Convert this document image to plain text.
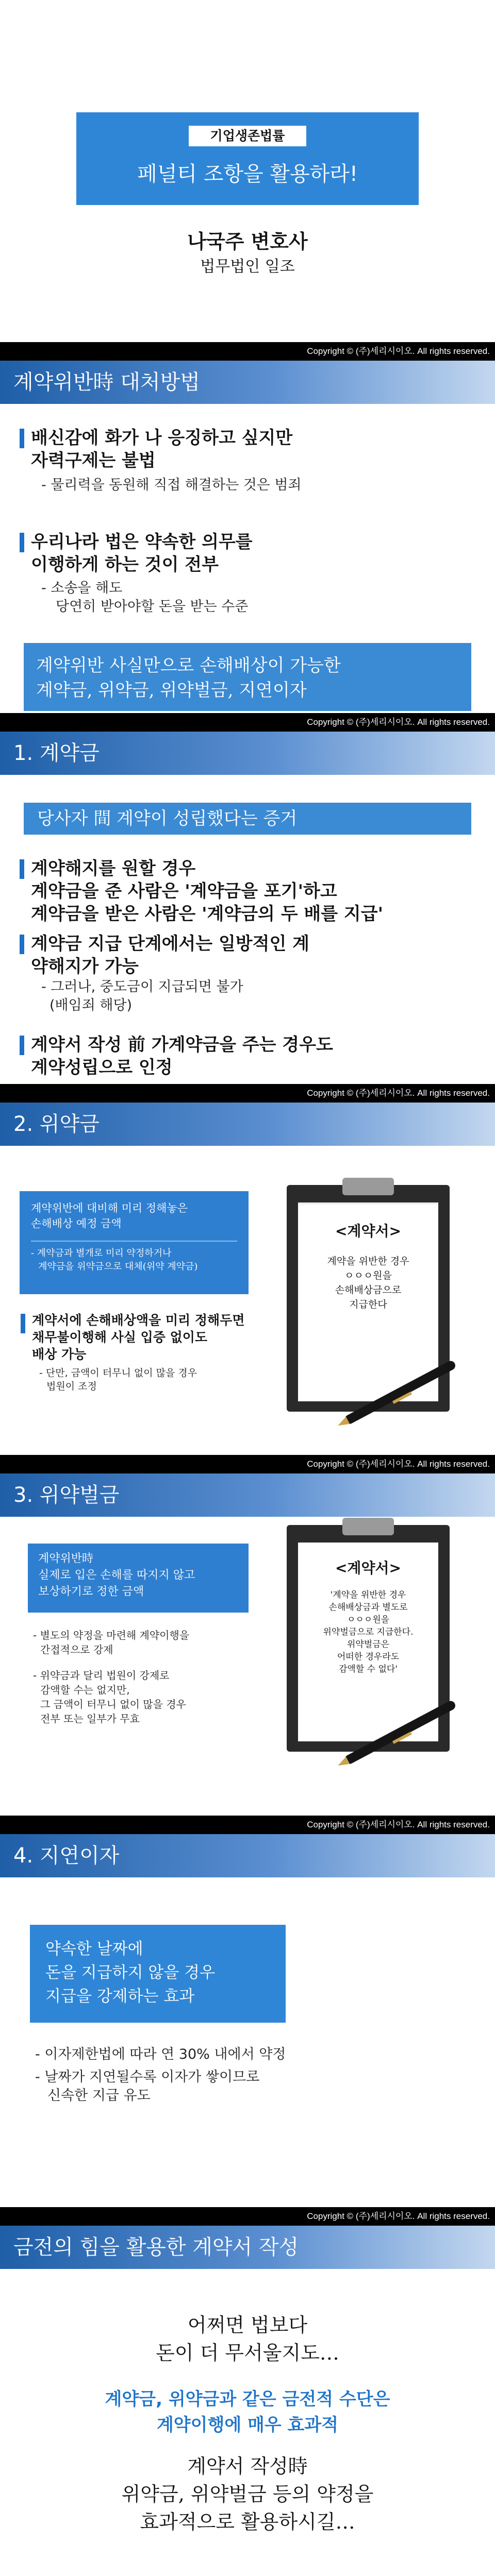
기업생존법률
페널티 조항을 활용하라!
나국주 변호사
법무법인 일조
Copyright © (주)세리시이오. All rights reserved.
계약위반時 대처방법
배신감에 화가 나 응징하고 싶지만
자력구제는 불법
- 물리력을 동원해 직접 해결하는 것은 범죄
우리나라 법은 약속한 의무를
이행하게 하는 것이 전부
- 소송을 해도
당연히 받아야할 돈을 받는 수준
계약위반 사실만으로 손해배상이 가능한
계약금, 위약금, 위약벌금, 지연이자
Copyright © (주)세리시이오. All rights reserved.
1. 계약금
당사자 間 계약이 성립했다는 증거
계약해지를 원할 경우
계약금을 준 사람은 '계약금을 포기'하고
계약금을 받은 사람은 '계약금의 두 배를 지급'
계약금 지급 단계에서는 일방적인 계
약해지가 가능
- 그러나, 중도금이 지급되면 불가
(배임죄 해당)
계약서 작성 前 가계약금을 주는 경우도
계약성립으로 인정
Copyright © (주)세리시이오. All rights reserved.
2. 위약금
계약위반에 대비해 미리 정해놓은
손해배상 예정 금액
- 계약금과 별개로 미리 약정하거나
계약금을 위약금으로 대체(위약 계약금)
계약서에 손해배상액을 미리 정해두면
채무불이행해 사실 입증 없이도
배상 가능
- 단만, 금액이 터무니 없이 많을 경우
법원이 조정
<계약서>
계약을 위반한 경우
ㅇㅇㅇ원을
손해배상금으로
지급한다
Copyright © (주)세리시이오. All rights reserved.
3. 위약벌금
계약위반時
실제로 입은 손해를 따지지 않고
보상하기로 정한 금액
- 별도의 약정을 마련해 계약이행을
간접적으로 강제
- 위약금과 달리 법원이 강제로
감액할 수는 없지만,
그 금액이 터무니 없이 많을 경우
전부 또는 일부가 무효
<계약서>
'계약을 위반한 경우
손해배상금과 별도로
ㅇㅇㅇ원을
위약벌금으로 지급한다.
위약벌금은
어떠한 경우라도
감액할 수 없다'
Copyright © (주)세리시이오. All rights reserved.
4. 지연이자
약속한 날짜에
돈을 지급하지 않을 경우
지급을 강제하는 효과
- 이자제한법에 따라 연 30% 내에서 약정
- 날짜가 지연될수록 이자가 쌓이므로
신속한 지급 유도
Copyright © (주)세리시이오. All rights reserved.
금전의 힘을 활용한 계약서 작성
어쩌면 법보다
돈이 더 무서울지도…
계약금, 위약금과 같은 금전적 수단은
계약이행에 매우 효과적
계약서 작성時
위약금, 위약벌금 등의 약정을
효과적으로 활용하시길…
